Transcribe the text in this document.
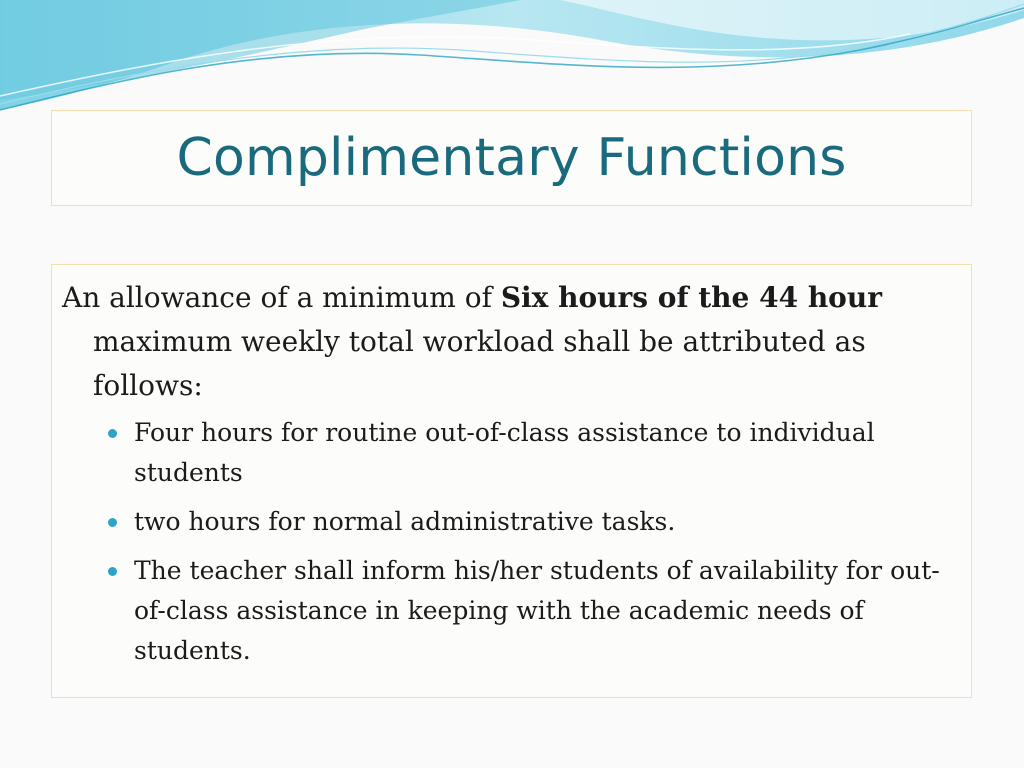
Complimentary Functions

An allowance of a minimum of Six hours of the 44 hour maximum weekly total workload shall be attributed as follows:

Four hours for routine out-of-class assistance to individual students
two hours for normal administrative tasks.
The teacher shall inform his/her students of availability for out-of-class assistance in keeping with the academic needs of students.
